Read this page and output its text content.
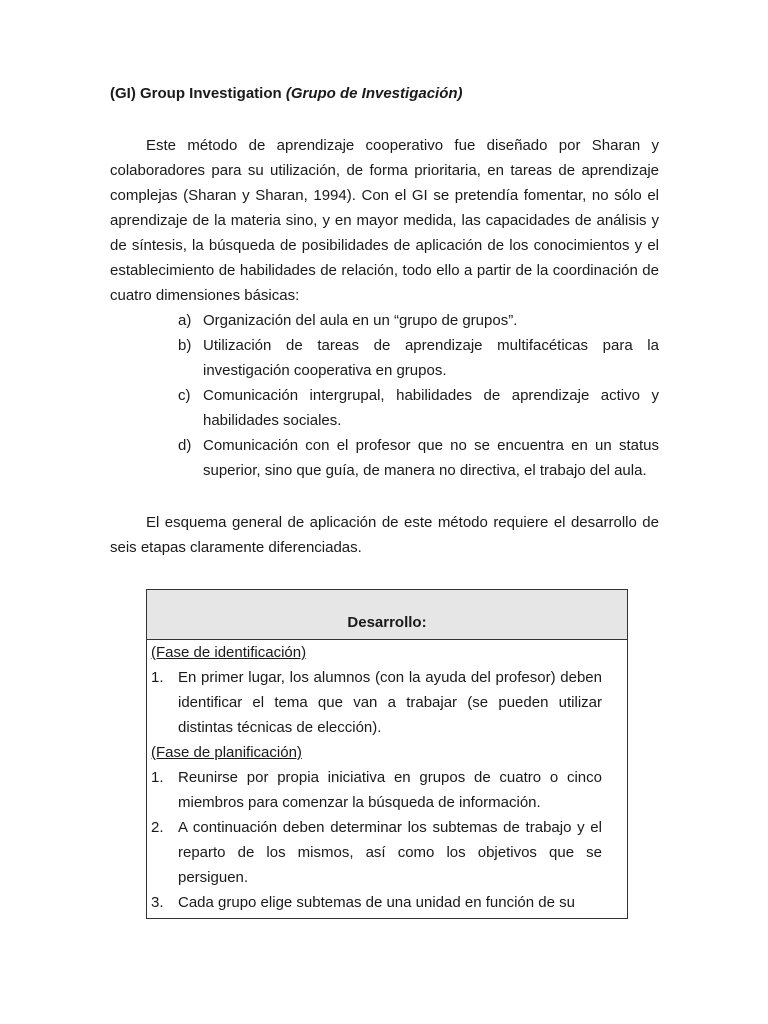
(GI) Group Investigation (Grupo de Investigación)

Este método de aprendizaje cooperativo fue diseñado por Sharan y colaboradores para su utilización, de forma prioritaria, en tareas de aprendizaje complejas (Sharan y Sharan, 1994). Con el GI se pretendía fomentar, no sólo el aprendizaje de la materia sino, y en mayor medida, las capacidades de análisis y de síntesis, la búsqueda de posibilidades de aplicación de los conocimientos y el establecimiento de habilidades de relación, todo ello a partir de la coordinación de cuatro dimensiones básicas:

a) Organización del aula en un “grupo de grupos”.
b) Utilización de tareas de aprendizaje multifacéticas para la investigación cooperativa en grupos.
c) Comunicación intergrupal, habilidades de aprendizaje activo y habilidades sociales.
d) Comunicación con el profesor que no se encuentra en un status superior, sino que guía, de manera no directiva, el trabajo del aula.

El esquema general de aplicación de este método requiere el desarrollo de seis etapas claramente diferenciadas.

Desarrollo:
(Fase de identificación)
1. En primer lugar, los alumnos (con la ayuda del profesor) deben identificar el tema que van a trabajar (se pueden utilizar distintas técnicas de elección).
(Fase de planificación)
1. Reunirse por propia iniciativa en grupos de cuatro o cinco miembros para comenzar la búsqueda de información.
2. A continuación deben determinar los subtemas de trabajo y el reparto de los mismos, así como los objetivos que se persiguen.
3. Cada grupo elige subtemas de una unidad en función de su
